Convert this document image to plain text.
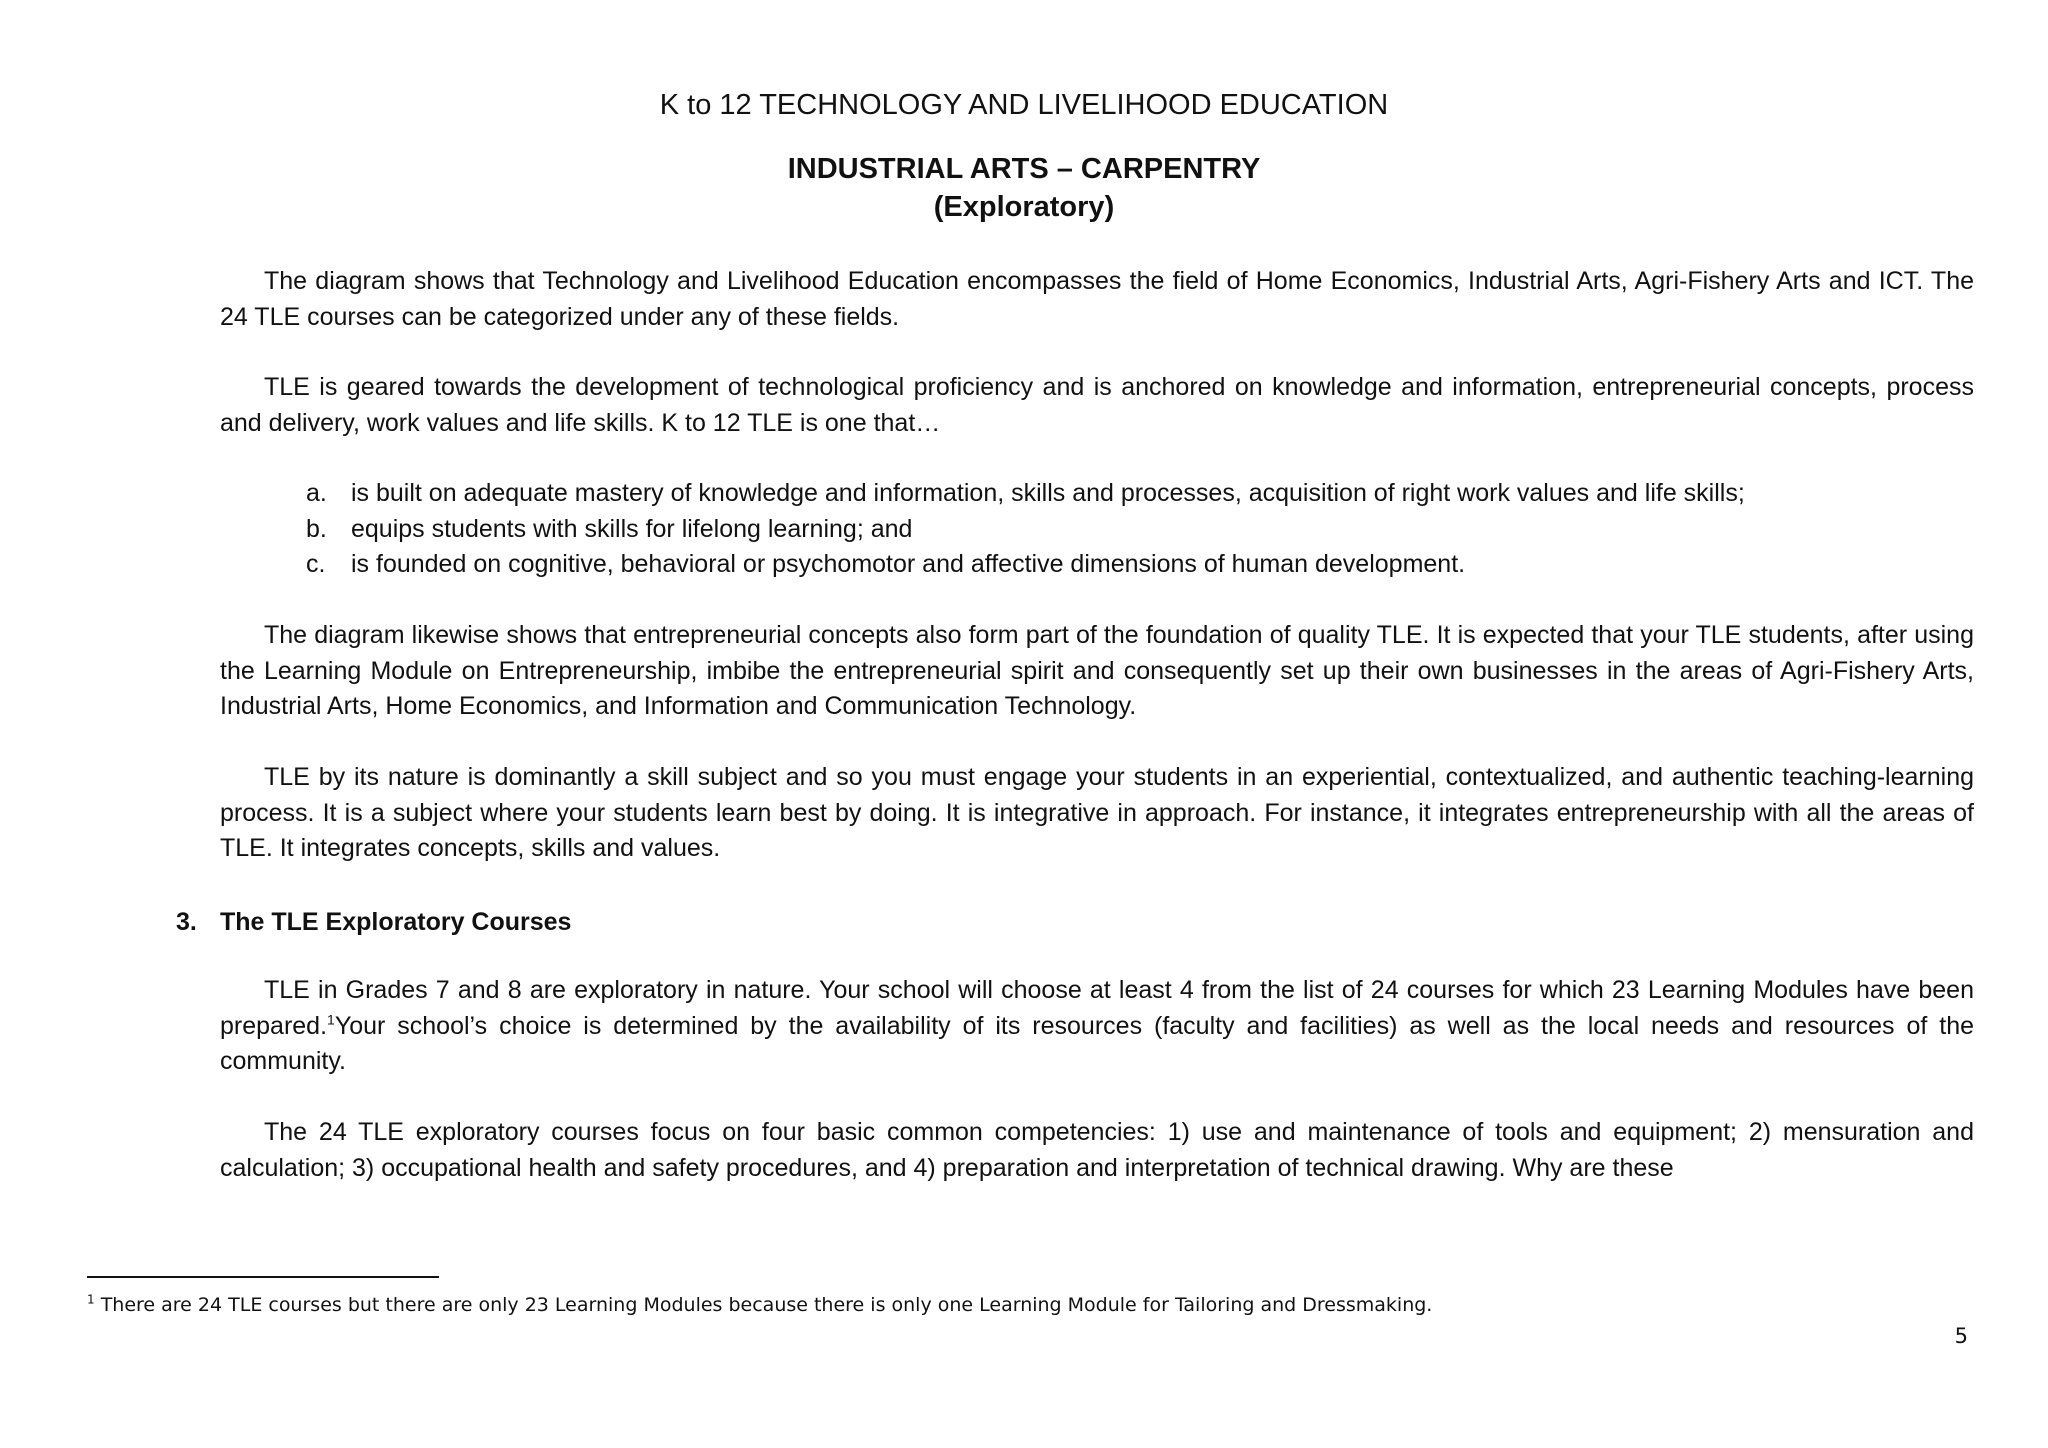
K to 12 TECHNOLOGY AND LIVELIHOOD EDUCATION
INDUSTRIAL ARTS – CARPENTRY
(Exploratory)

The diagram shows that Technology and Livelihood Education encompasses the field of Home Economics, Industrial Arts, Agri-Fishery Arts and ICT. The 24 TLE courses can be categorized under any of these fields.

TLE is geared towards the development of technological proficiency and is anchored on knowledge and information, entrepreneurial concepts, process and delivery, work values and life skills. K to 12 TLE is one that…

a. is built on adequate mastery of knowledge and information, skills and processes, acquisition of right work values and life skills;
b. equips students with skills for lifelong learning; and
c. is founded on cognitive, behavioral or psychomotor and affective dimensions of human development.

The diagram likewise shows that entrepreneurial concepts also form part of the foundation of quality TLE. It is expected that your TLE students, after using the Learning Module on Entrepreneurship, imbibe the entrepreneurial spirit and consequently set up their own businesses in the areas of Agri-Fishery Arts, Industrial Arts, Home Economics, and Information and Communication Technology.

TLE by its nature is dominantly a skill subject and so you must engage your students in an experiential, contextualized, and authentic teaching-learning process. It is a subject where your students learn best by doing. It is integrative in approach. For instance, it integrates entrepreneurship with all the areas of TLE. It integrates concepts, skills and values.

3. The TLE Exploratory Courses

TLE in Grades 7 and 8 are exploratory in nature. Your school will choose at least 4 from the list of 24 courses for which 23 Learning Modules have been prepared.$^1$Your school’s choice is determined by the availability of its resources (faculty and facilities) as well as the local needs and resources of the community.

The 24 TLE exploratory courses focus on four basic common competencies: 1) use and maintenance of tools and equipment; 2) mensuration and calculation; 3) occupational health and safety procedures, and 4) preparation and interpretation of technical drawing. Why are these

$^1$ There are 24 TLE courses but there are only 23 Learning Modules because there is only one Learning Module for Tailoring and Dressmaking.
5
